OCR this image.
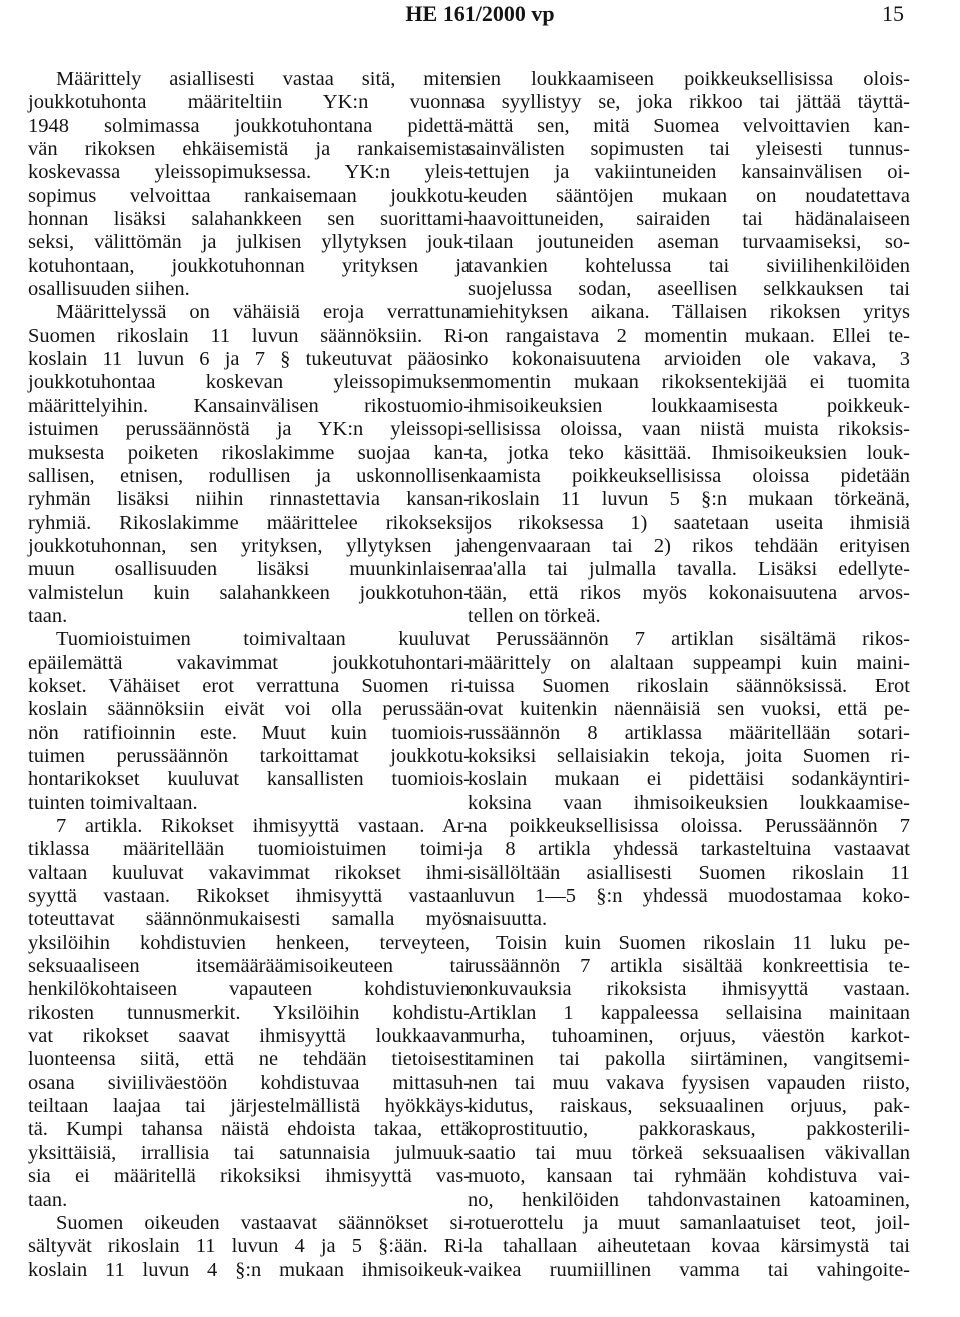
HE 161/2000 vp	15
Määrittely asiallisesti vastaa sitä, miten
joukkotuhonta määriteltiin YK:n vuonna
1948 solmimassa joukkotuhontana pidettä-
vän rikoksen ehkäisemistä ja rankaisemista
koskevassa yleissopimuksessa. YK:n yleis-
sopimus velvoittaa rankaisemaan joukkotu-
honnan lisäksi salahankkeen sen suorittami-
seksi, välittömän ja julkisen yllytyksen jouk-
kotuhontaan, joukkotuhonnan yrityksen ja
osallisuuden siihen.
Määrittelyssä on vähäisiä eroja verrattuna
Suomen rikoslain 11 luvun säännöksiin. Ri-
koslain 11 luvun 6 ja 7 § tukeutuvat pääosin
joukkotuhontaa koskevan yleissopimuksen
määrittelyihin. Kansainvälisen rikostuomio-
istuimen perussäännöstä ja YK:n yleissopi-
muksesta poiketen rikoslakimme suojaa kan-
sallisen, etnisen, rodullisen ja uskonnollisen
ryhmän lisäksi niihin rinnastettavia kansan-
ryhmiä. Rikoslakimme määrittelee rikokseksi
joukkotuhonnan, sen yrityksen, yllytyksen ja
muun osallisuuden lisäksi muunkinlaisen
valmistelun kuin salahankkeen joukkotuhon-
taan.
Tuomioistuimen toimivaltaan kuuluvat
epäilemättä vakavimmat joukkotuhontari-
kokset. Vähäiset erot verrattuna Suomen ri-
koslain säännöksiin eivät voi olla perussään-
nön ratifioinnin este. Muut kuin tuomiois-
tuimen perussäännön tarkoittamat joukkotu-
hontarikokset kuuluvat kansallisten tuomiois-
tuinten toimivaltaan.
7 artikla. Rikokset ihmisyyttä vastaan. Ar-
tiklassa määritellään tuomioistuimen toimi-
valtaan kuuluvat vakavimmat rikokset ihmi-
syyttä vastaan. Rikokset ihmisyyttä vastaan
toteuttavat säännönmukaisesti samalla myös
yksilöihin kohdistuvien henkeen, terveyteen,
seksuaaliseen itsemääräämisoikeuteen tai
henkilökohtaiseen vapauteen kohdistuvien
rikosten tunnusmerkit. Yksilöihin kohdistu-
vat rikokset saavat ihmisyyttä loukkaavan
luonteensa siitä, että ne tehdään tietoisesti
osana siviiliväestöön kohdistuvaa mittasuh-
teiltaan laajaa tai järjestelmällistä hyökkäys-
tä. Kumpi tahansa näistä ehdoista takaa, että
yksittäisiä, irrallisia tai satunnaisia julmuuk-
sia ei määritellä rikoksiksi ihmisyyttä vas-
taan.
Suomen oikeuden vastaavat säännökset si-
sältyvät rikoslain 11 luvun 4 ja 5 §:ään. Ri-
koslain 11 luvun 4 §:n mukaan ihmisoikeuk-
sien loukkaamiseen poikkeuksellisissa olois-
sa syyllistyy se, joka rikkoo tai jättää täyttä-
mättä sen, mitä Suomea velvoittavien kan-
sainvälisten sopimusten tai yleisesti tunnus-
tettujen ja vakiintuneiden kansainvälisen oi-
keuden sääntöjen mukaan on noudatettava
haavoittuneiden, sairaiden tai hädänalaiseen
tilaan joutuneiden aseman turvaamiseksi, so-
tavankien kohtelussa tai siviilihenkilöiden
suojelussa sodan, aseellisen selkkauksen tai
miehityksen aikana. Tällaisen rikoksen yritys
on rangaistava 2 momentin mukaan. Ellei te-
ko kokonaisuutena arvioiden ole vakava, 3
momentin mukaan rikoksentekijää ei tuomita
ihmisoikeuksien loukkaamisesta poikkeuk-
sellisissa oloissa, vaan niistä muista rikoksis-
ta, jotka teko käsittää. Ihmisoikeuksien louk-
kaamista poikkeuksellisissa oloissa pidetään
rikoslain 11 luvun 5 §:n mukaan törkeänä,
jos rikoksessa 1) saatetaan useita ihmisiä
hengenvaaraan tai 2) rikos tehdään erityisen
raa'alla tai julmalla tavalla. Lisäksi edellyte-
tään, että rikos myös kokonaisuutena arvos-
tellen on törkeä.
Perussäännön 7 artiklan sisältämä rikos-
määrittely on alaltaan suppeampi kuin maini-
tuissa Suomen rikoslain säännöksissä. Erot
ovat kuitenkin näennäisiä sen vuoksi, että pe-
russäännön 8 artiklassa määritellään sotari-
koksiksi sellaisiakin tekoja, joita Suomen ri-
koslain mukaan ei pidettäisi sodankäyntiri-
koksina vaan ihmisoikeuksien loukkaamise-
na poikkeuksellisissa oloissa. Perussäännön 7
ja 8 artikla yhdessä tarkasteltuina vastaavat
sisällöltään asiallisesti Suomen rikoslain 11
luvun 1—5 §:n yhdessä muodostamaa koko-
naisuutta.
Toisin kuin Suomen rikoslain 11 luku pe-
russäännön 7 artikla sisältää konkreettisia te-
onkuvauksia rikoksista ihmisyyttä vastaan.
Artiklan 1 kappaleessa sellaisina mainitaan
murha, tuhoaminen, orjuus, väestön karkot-
taminen tai pakolla siirtäminen, vangitsemi-
nen tai muu vakava fyysisen vapauden riisto,
kidutus, raiskaus, seksuaalinen orjuus, pak-
koprostituutio, pakkoraskaus, pakkosterili-
saatio tai muu törkeä seksuaalisen väkivallan
muoto, kansaan tai ryhmään kohdistuva vai-
no, henkilöiden tahdonvastainen katoaminen,
rotuerottelu ja muut samanlaatuiset teot, joil-
la tahallaan aiheutetaan kovaa kärsimystä tai
vaikea ruumiillinen vamma tai vahingoite-
